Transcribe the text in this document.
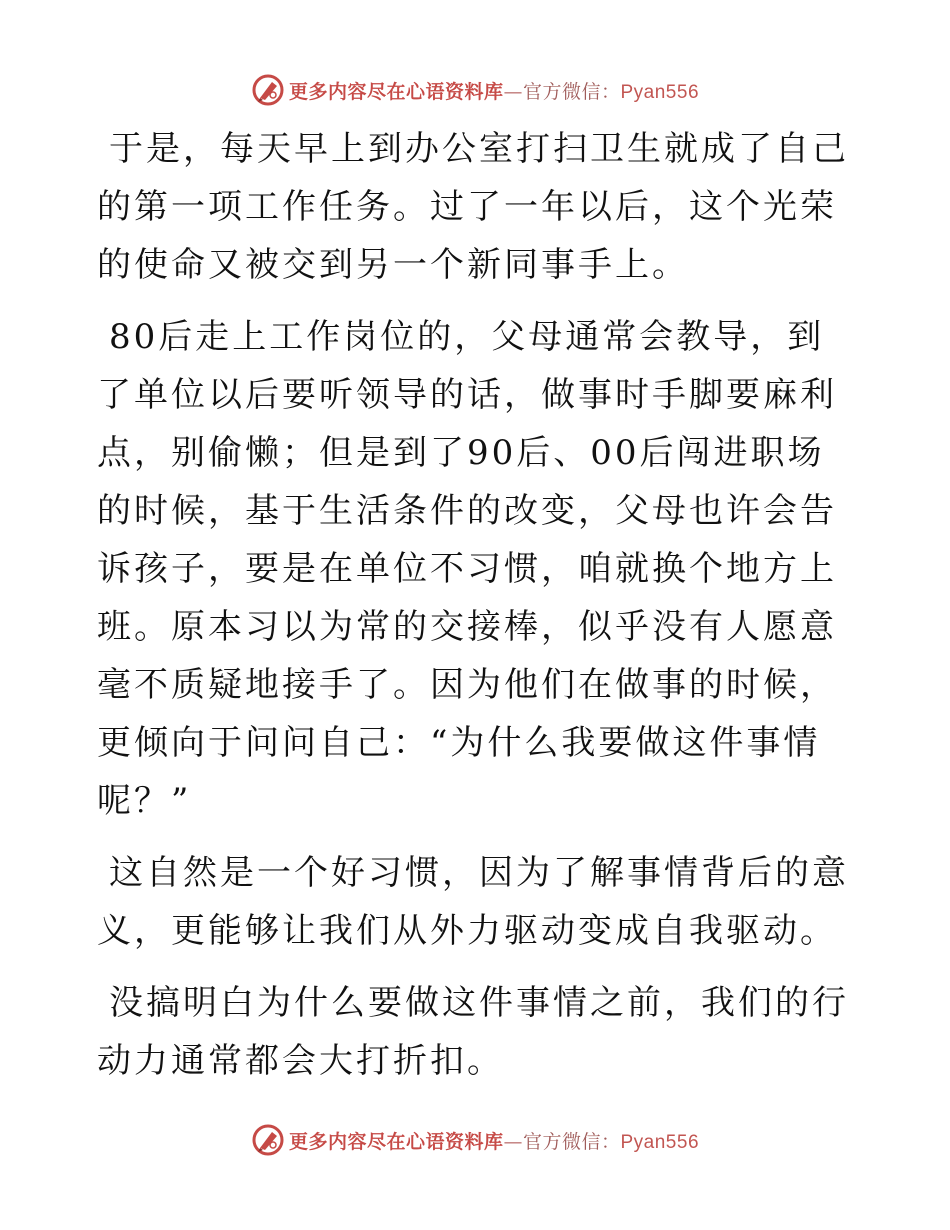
更多内容尽在心语资料库—官方微信：Pyan556

于是，每天早上到办公室打扫卫生就成了自己的第一项工作任务。过了一年以后，这个光荣的使命又被交到另一个新同事手上。

80后走上工作岗位的，父母通常会教导，到了单位以后要听领导的话，做事时手脚要麻利点，别偷懒；但是到了90后、00后闯进职场的时候，基于生活条件的改变，父母也许会告诉孩子，要是在单位不习惯，咱就换个地方上班。原本习以为常的交接棒，似乎没有人愿意毫不质疑地接手了。因为他们在做事的时候，更倾向于问问自己：“为什么我要做这件事情呢？”

这自然是一个好习惯，因为了解事情背后的意义，更能够让我们从外力驱动变成自我驱动。

没搞明白为什么要做这件事情之前，我们的行动力通常都会大打折扣。

更多内容尽在心语资料库—官方微信：Pyan556
